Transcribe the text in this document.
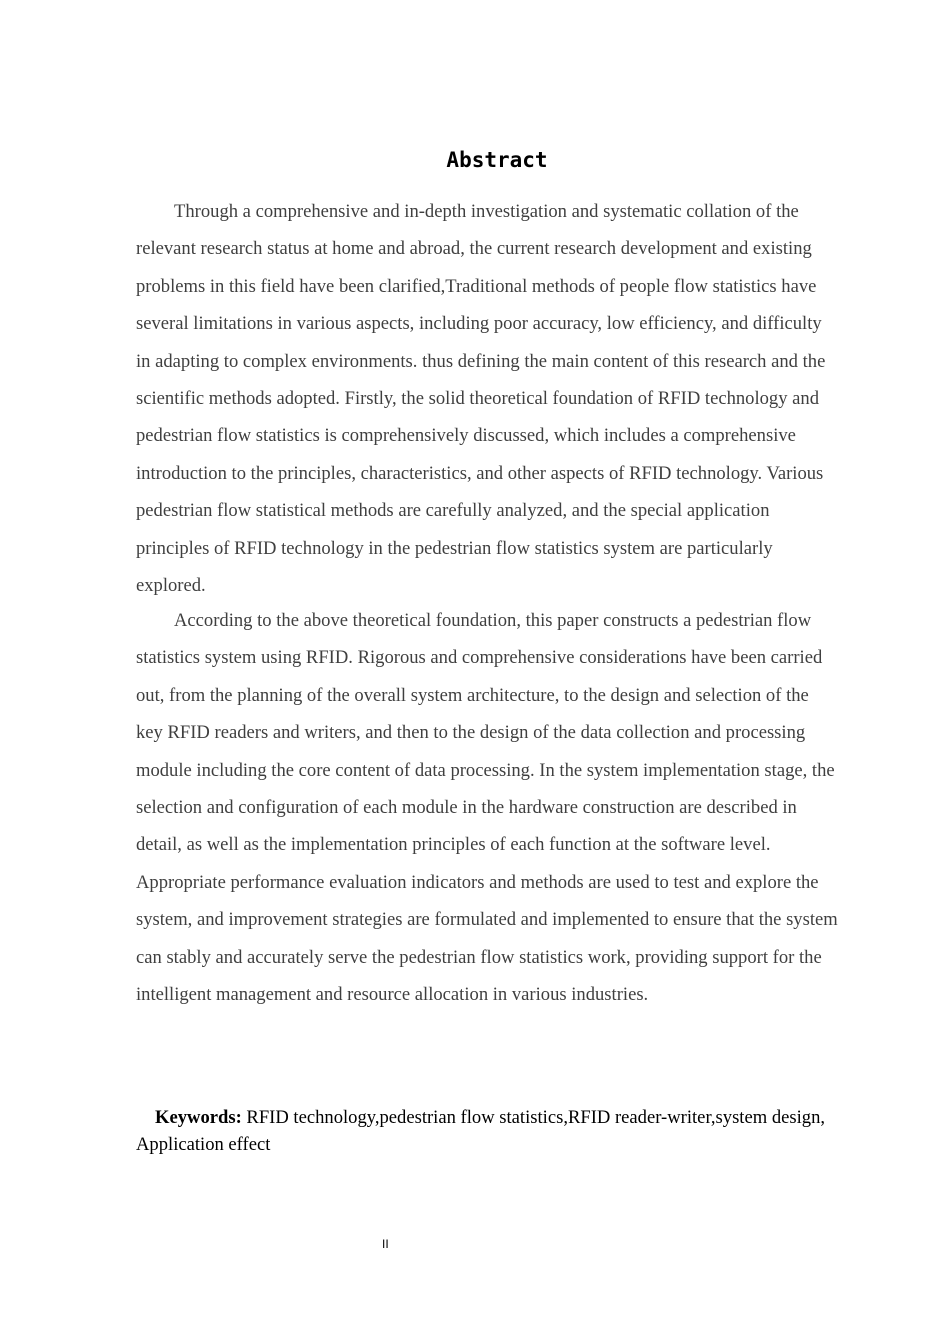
Abstract
Through a comprehensive and in-depth investigation and systematic collation of the
relevant research status at home and abroad, the current research development and existing
problems in this field have been clarified,Traditional methods of people flow statistics have
several limitations in various aspects, including poor accuracy, low efficiency, and difficulty
in adapting to complex environments. thus defining the main content of this research and the
scientific methods adopted. Firstly, the solid theoretical foundation of RFID technology and
pedestrian flow statistics is comprehensively discussed, which includes a comprehensive
introduction to the principles, characteristics, and other aspects of RFID technology. Various
pedestrian flow statistical methods are carefully analyzed, and the special application
principles of RFID technology in the pedestrian flow statistics system are particularly
explored.
According to the above theoretical foundation, this paper constructs a pedestrian flow
statistics system using RFID. Rigorous and comprehensive considerations have been carried
out, from the planning of the overall system architecture, to the design and selection of the
key RFID readers and writers, and then to the design of the data collection and processing
module including the core content of data processing. In the system implementation stage, the
selection and configuration of each module in the hardware construction are described in
detail, as well as the implementation principles of each function at the software level.
Appropriate performance evaluation indicators and methods are used to test and explore the
system, and improvement strategies are formulated and implemented to ensure that the system
can stably and accurately serve the pedestrian flow statistics work, providing support for the
intelligent management and resource allocation in various industries.
Keywords: RFID technology,pedestrian flow statistics,RFID reader-writer,system design,
Application effect
II
